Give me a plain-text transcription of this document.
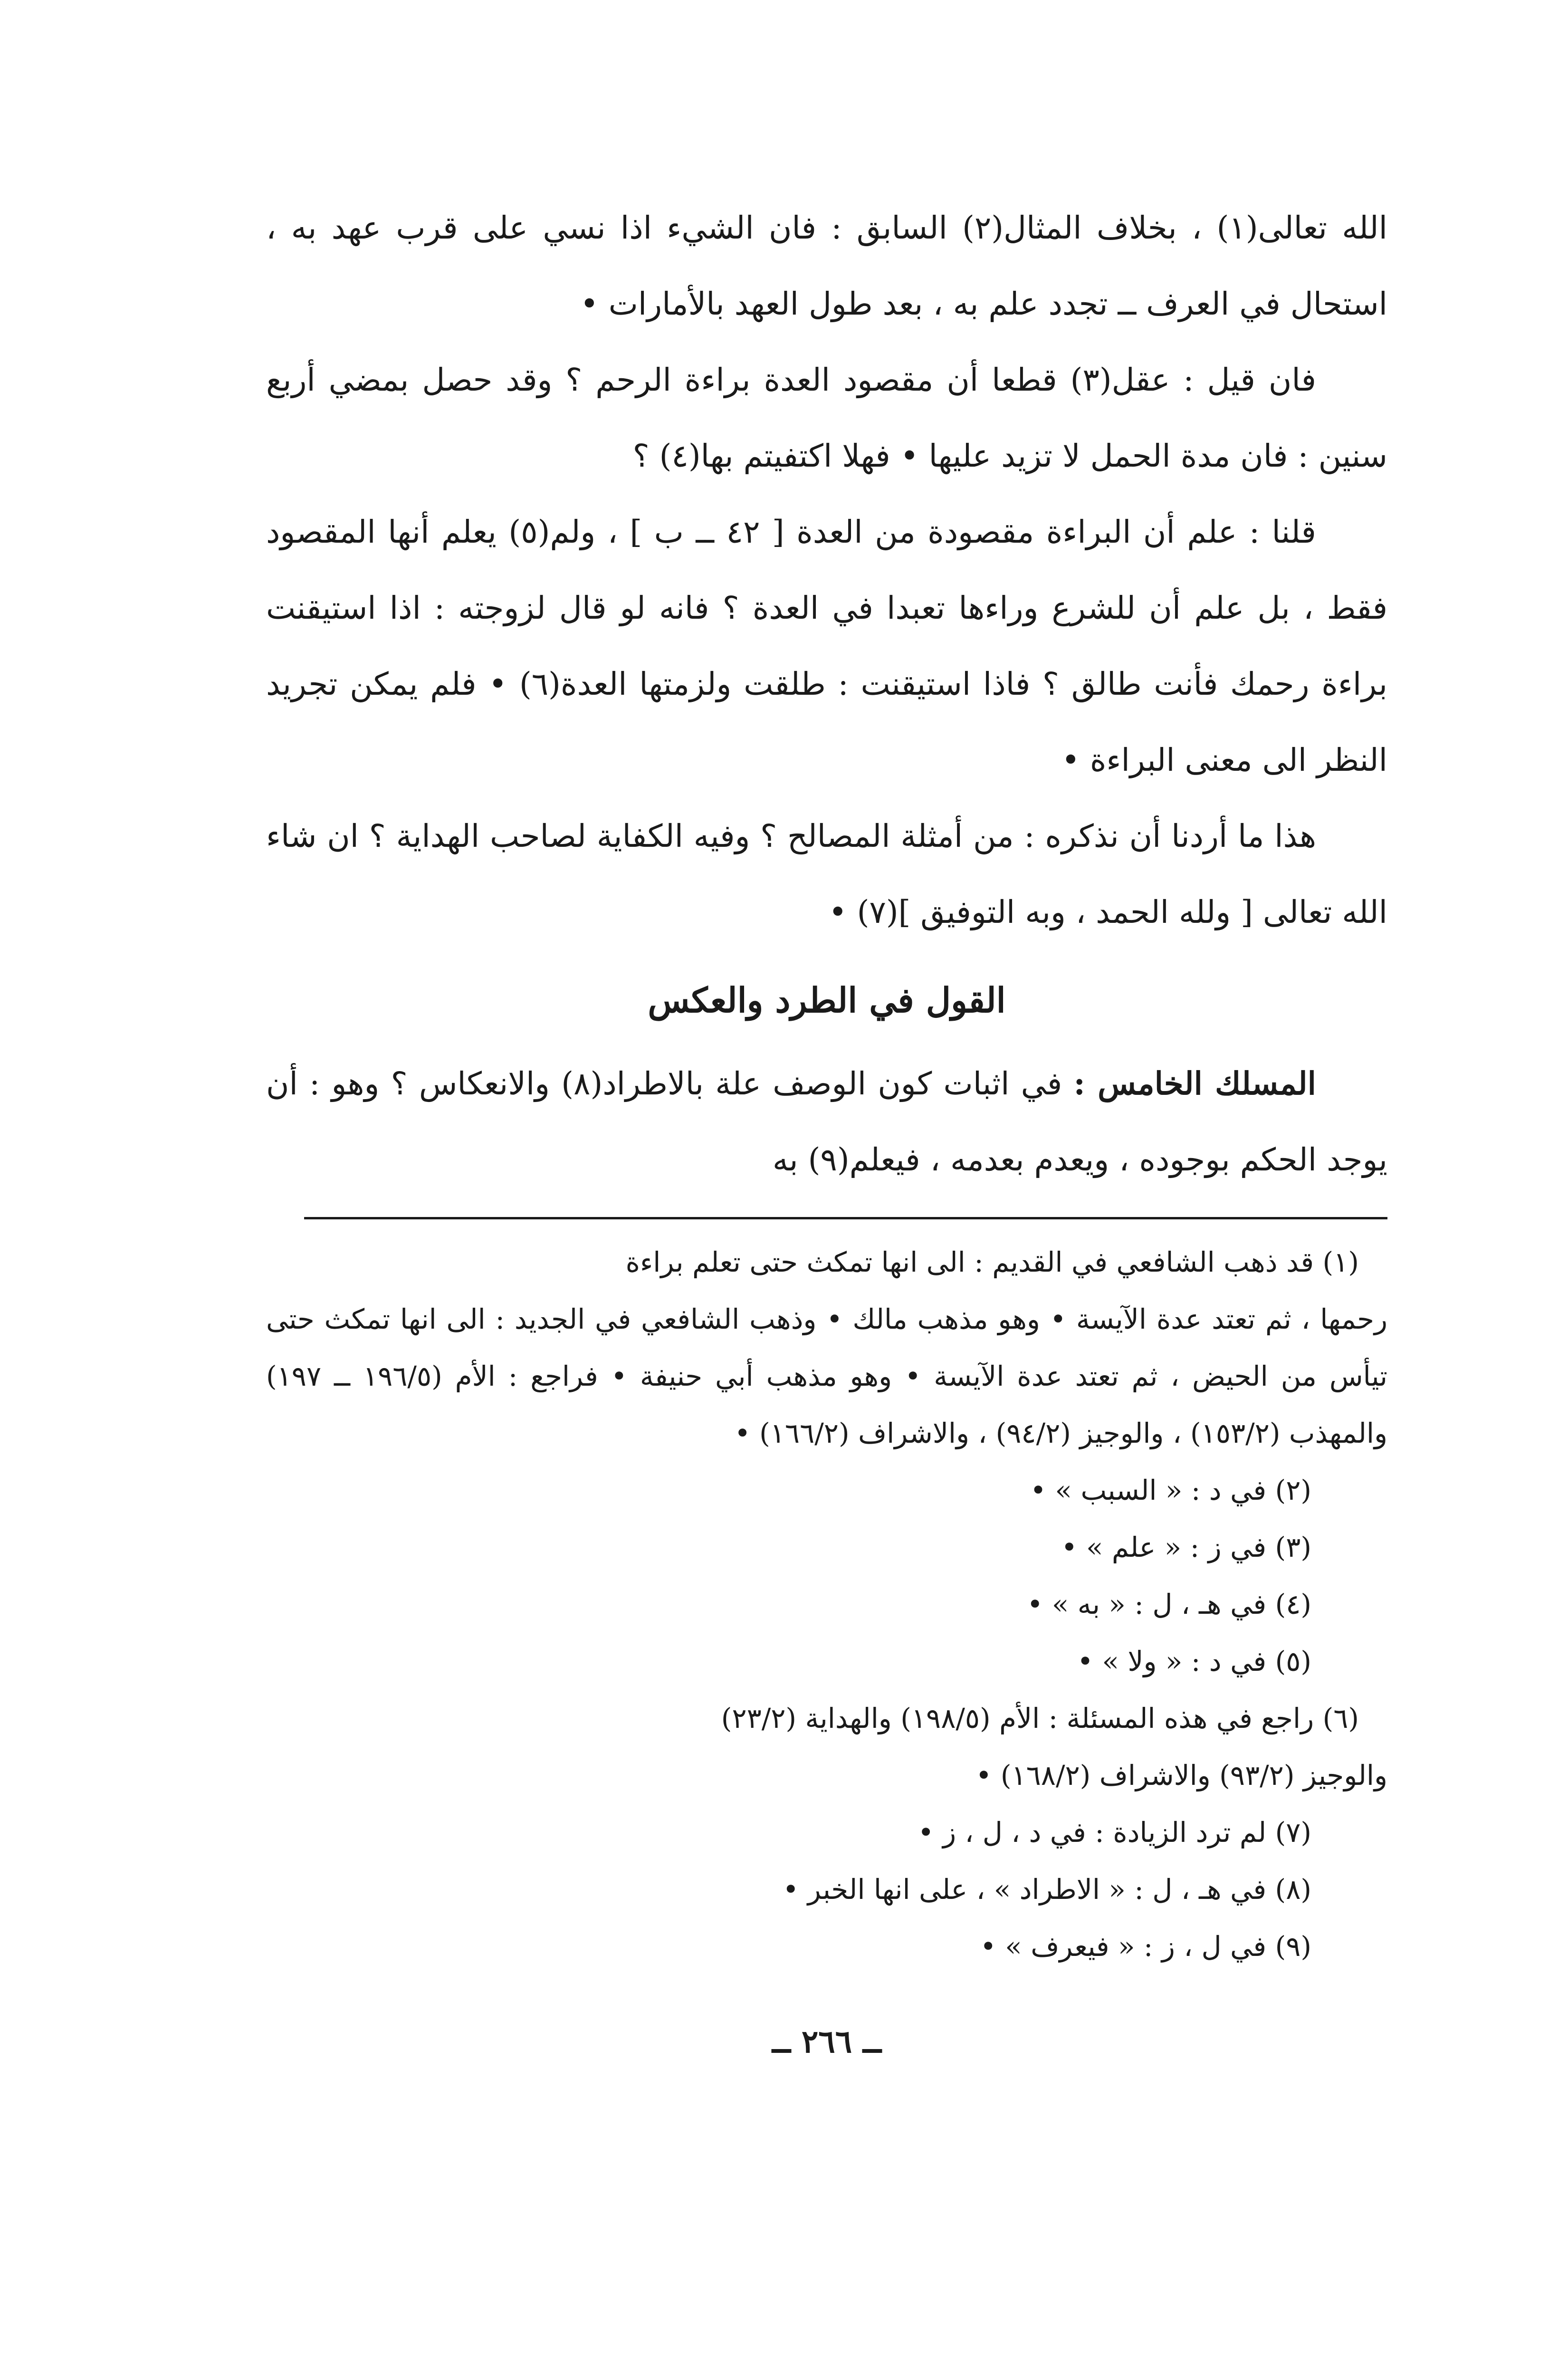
الله تعالى(١) ، بخلاف المثال(٢) السابق : فان الشيء اذا نسي على قرب عهد به ، استحال في العرف ــ تجدد علم به ، بعد طول العهد بالأمارات •

فان قيل : عقل(٣) قطعا أن مقصود العدة براءة الرحم ؟ وقد حصل بمضي أربع سنين : فان مدة الحمل لا تزيد عليها • فهلا اكتفيتم بها(٤) ؟

قلنا : علم أن البراءة مقصودة من العدة [ ٤٢ ــ ب ] ، ولم(٥) يعلم أنها المقصود فقط ، بل علم أن للشرع وراءها تعبدا في العدة ؟ فانه لو قال لزوجته : اذا استيقنت براءة رحمك فأنت طالق ؟ فاذا استيقنت : طلقت ولزمتها العدة(٦) • فلم يمكن تجريد النظر الى معنى البراءة •

هذا ما أردنا أن نذكره : من أمثلة المصالح ؟ وفيه الكفاية لصاحب الهداية ؟ ان شاء الله تعالى [ ولله الحمد ، وبه التوفيق ](٧) •

القول في الطرد والعكس

المسلك الخامس : في اثبات كون الوصف علة بالاطراد(٨) والانعكاس ؟ وهو : أن يوجد الحكم بوجوده ، ويعدم بعدمه ، فيعلم(٩) به

(١) قد ذهب الشافعي في القديم : الى انها تمكث حتى تعلم براءة

رحمها ، ثم تعتد عدة الآيسة • وهو مذهب مالك • وذهب الشافعي في الجديد : الى انها تمكث حتى تيأس من الحيض ، ثم تعتد عدة الآيسة • وهو مذهب أبي حنيفة • فراجع : الأم (١٩٦/٥ ــ ١٩٧) والمهذب (١٥٣/٢) ، والوجيز (٩٤/٢) ، والاشراف (١٦٦/٢) •

(٢) في د : « السبب » •

(٣) في ز : « علم » •

(٤) في هـ ، ل : « به » •

(٥) في د : « ولا » •

(٦) راجع في هذه المسئلة : الأم (١٩٨/٥) والهداية (٢٣/٢)

والوجيز (٩٣/٢) والاشراف (١٦٨/٢) •

(٧) لم ترد الزيادة : في د ، ل ، ز •

(٨) في هـ ، ل : « الاطراد » ، على انها الخبر •

(٩) في ل ، ز : « فيعرف » •

ــ ٢٦٦ ــ
